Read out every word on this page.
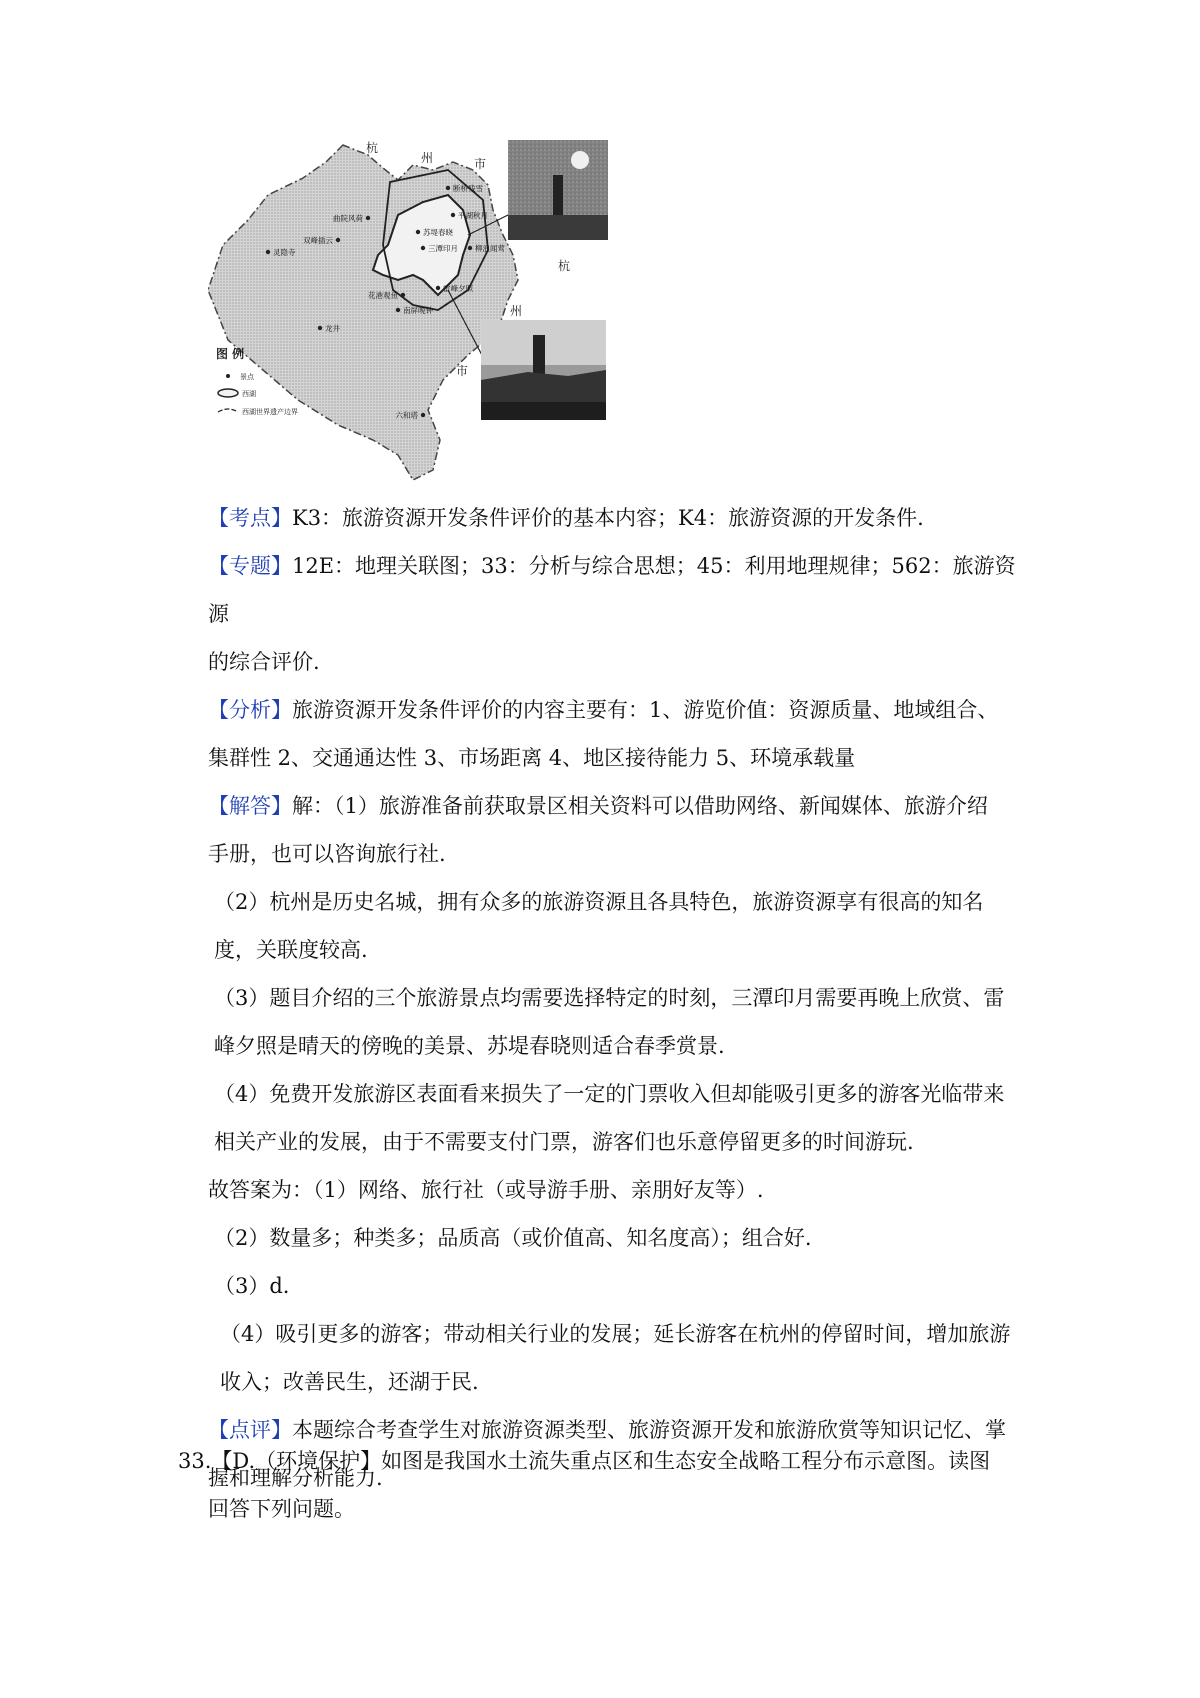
杭
州	市
杭
州
市
断桥残雪
平湖秋月
曲院风荷
苏堤春晓
三潭印月 柳浪闻莺
双峰插云
灵隐寺
花港观鱼
雷峰夕照
南屏晚钟
龙井
六和塔
图 例
景点
西湖
西湖世界遗产边界

【考点】K3：旅游资源开发条件评价的基本内容；K4：旅游资源的开发条件.

【专题】12E：地理关联图；33：分析与综合思想；45：利用地理规律；562：旅游资源
的综合评价.

【分析】旅游资源开发条件评价的内容主要有：1、游览价值：资源质量、地域组合、
集群性 2、交通通达性 3、市场距离 4、地区接待能力 5、环境承载量

【解答】解：（1）旅游准备前获取景区相关资料可以借助网络、新闻媒体、旅游介绍
手册，也可以咨询旅行社.

（2）杭州是历史名城，拥有众多的旅游资源且各具特色，旅游资源享有很高的知名
度，关联度较高.

（3）题目介绍的三个旅游景点均需要选择特定的时刻，三潭印月需要再晚上欣赏、雷
峰夕照是晴天的傍晚的美景、苏堤春晓则适合春季赏景.

（4）免费开发旅游区表面看来损失了一定的门票收入但却能吸引更多的游客光临带来
相关产业的发展，由于不需要支付门票，游客们也乐意停留更多的时间游玩.

故答案为：（1）网络、旅行社（或导游手册、亲朋好友等）.

（2）数量多；种类多；品质高（或价值高、知名度高）；组合好.

（3）d.

（4）吸引更多的游客；带动相关行业的发展；延长游客在杭州的停留时间，增加旅游
收入；改善民生，还湖于民.

【点评】本题综合考查学生对旅游资源类型、旅游资源开发和旅游欣赏等知识记忆、掌
握和理解分析能力.

33.【D.（环境保护】如图是我国水土流失重点区和生态安全战略工程分布示意图。读图
回答下列问题。
